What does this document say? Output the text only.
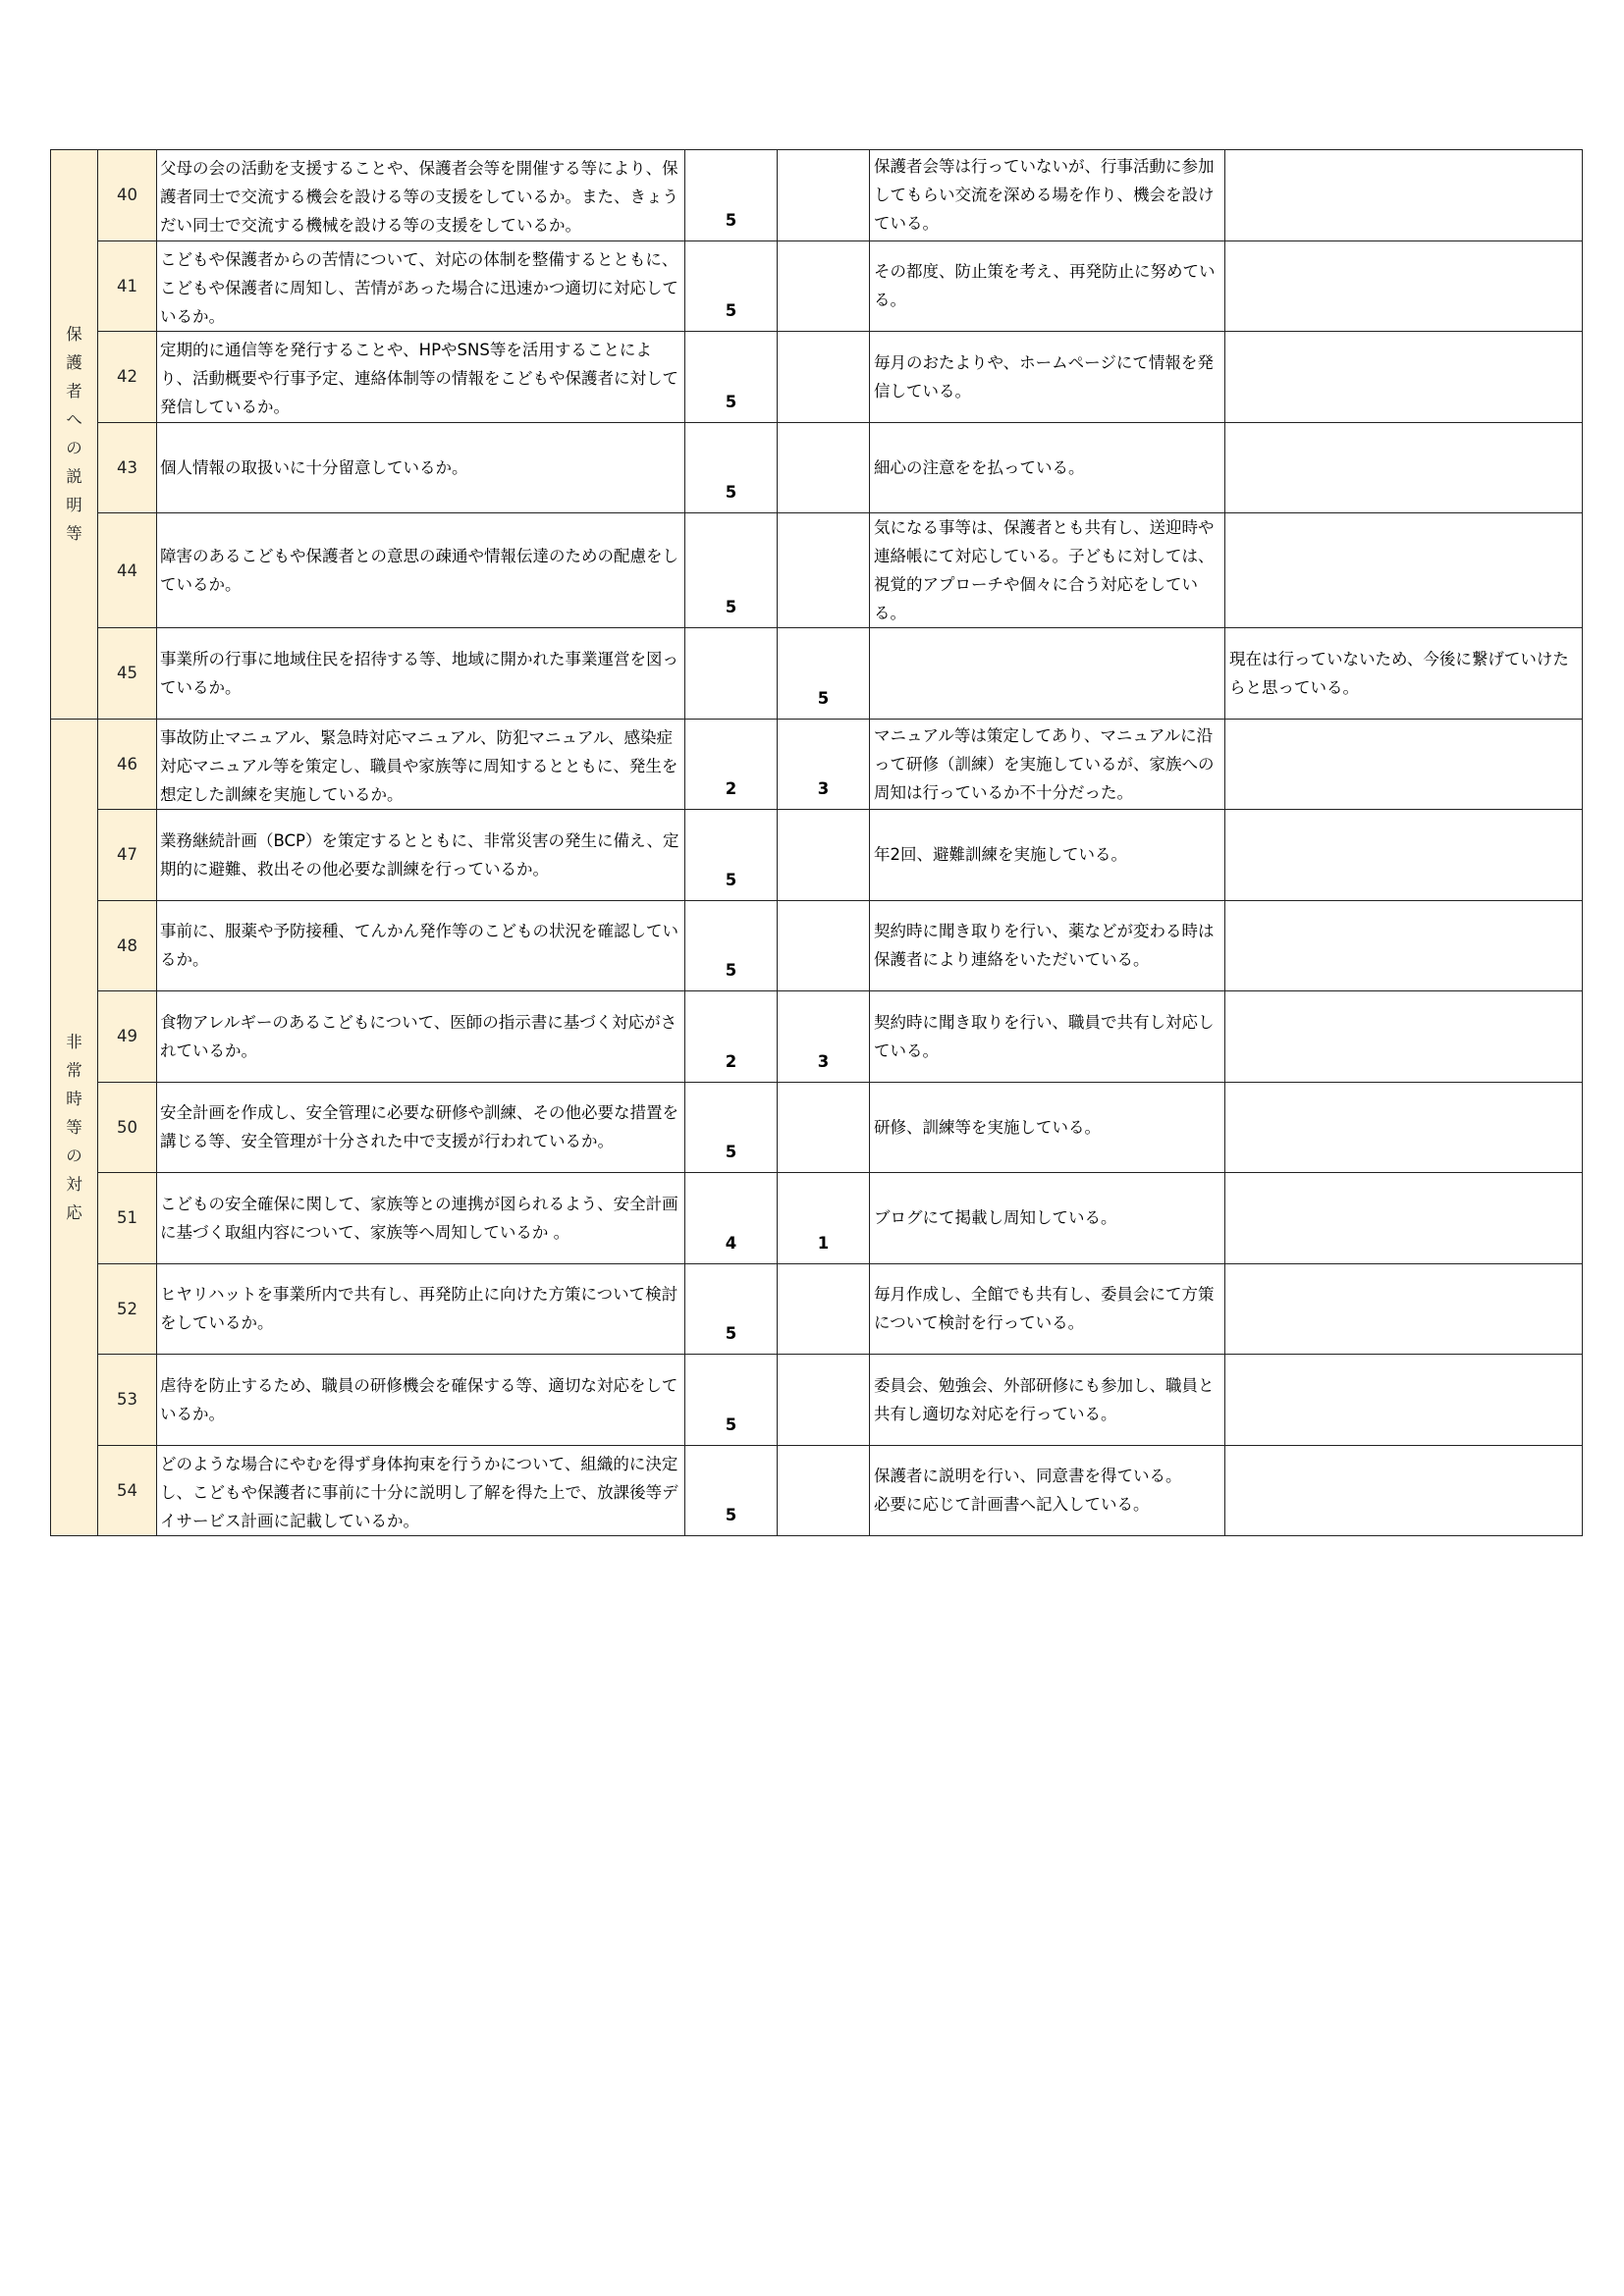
保護者への説明等	40	父母の会の活動を支援することや、保護者会等を開催する等により、保護者同士で交流する機会を設ける等の支援をしているか。また、きょうだい同士で交流する機械を設ける等の支援をしているか。	5		保護者会等は行っていないが、行事活動に参加してもらい交流を深める場を作り、機会を設けている。	
	41	こどもや保護者からの苦情について、対応の体制を整備するとともに、こどもや保護者に周知し、苦情があった場合に迅速かつ適切に対応しているか。	5		その都度、防止策を考え、再発防止に努めている。	
	42	定期的に通信等を発行することや、HPやSNS等を活用することにより、活動概要や行事予定、連絡体制等の情報をこどもや保護者に対して発信しているか。	5		毎月のおたよりや、ホームページにて情報を発信している。	
	43	個人情報の取扱いに十分留意しているか。	5		細心の注意をを払っている。	
	44	障害のあるこどもや保護者との意思の疎通や情報伝達のための配慮をしているか。	5		気になる事等は、保護者とも共有し、送迎時や連絡帳にて対応している。子どもに対しては、視覚的アプローチや個々に合う対応をしている。	
	45	事業所の行事に地域住民を招待する等、地域に開かれた事業運営を図っているか。		5		現在は行っていないため、今後に繋げていけたらと思っている。

非常時等の対応	46	事故防止マニュアル、緊急時対応マニュアル、防犯マニュアル、感染症対応マニュアル等を策定し、職員や家族等に周知するとともに、発生を想定した訓練を実施しているか。	2	3	マニュアル等は策定してあり、マニュアルに沿って研修（訓練）を実施しているが、家族への周知は行っているか不十分だった。	
	47	業務継続計画（BCP）を策定するとともに、非常災害の発生に備え、定期的に避難、救出その他必要な訓練を行っているか。	5		年2回、避難訓練を実施している。	
	48	事前に、服薬や予防接種、てんかん発作等のこどもの状況を確認しているか。	5		契約時に聞き取りを行い、薬などが変わる時は保護者により連絡をいただいている。	
	49	食物アレルギーのあるこどもについて、医師の指示書に基づく対応がされているか。	2	3	契約時に聞き取りを行い、職員で共有し対応している。	
	50	安全計画を作成し、安全管理に必要な研修や訓練、その他必要な措置を講じる等、安全管理が十分された中で支援が行われているか。	5		研修、訓練等を実施している。	
	51	こどもの安全確保に関して、家族等との連携が図られるよう、安全計画に基づく取組内容について、家族等へ周知しているか 。	4	1	ブログにて掲載し周知している。	
	52	ヒヤリハットを事業所内で共有し、再発防止に向けた方策について検討をしているか。	5		毎月作成し、全館でも共有し、委員会にて方策について検討を行っている。	
	53	虐待を防止するため、職員の研修機会を確保する等、適切な対応をしているか。	5		委員会、勉強会、外部研修にも参加し、職員と共有し適切な対応を行っている。	
	54	どのような場合にやむを得ず身体拘束を行うかについて、組織的に決定し、こどもや保護者に事前に十分に説明し了解を得た上で、放課後等デイサービス計画に記載しているか。	5		保護者に説明を行い、同意書を得ている。
必要に応じて計画書へ記入している。	
